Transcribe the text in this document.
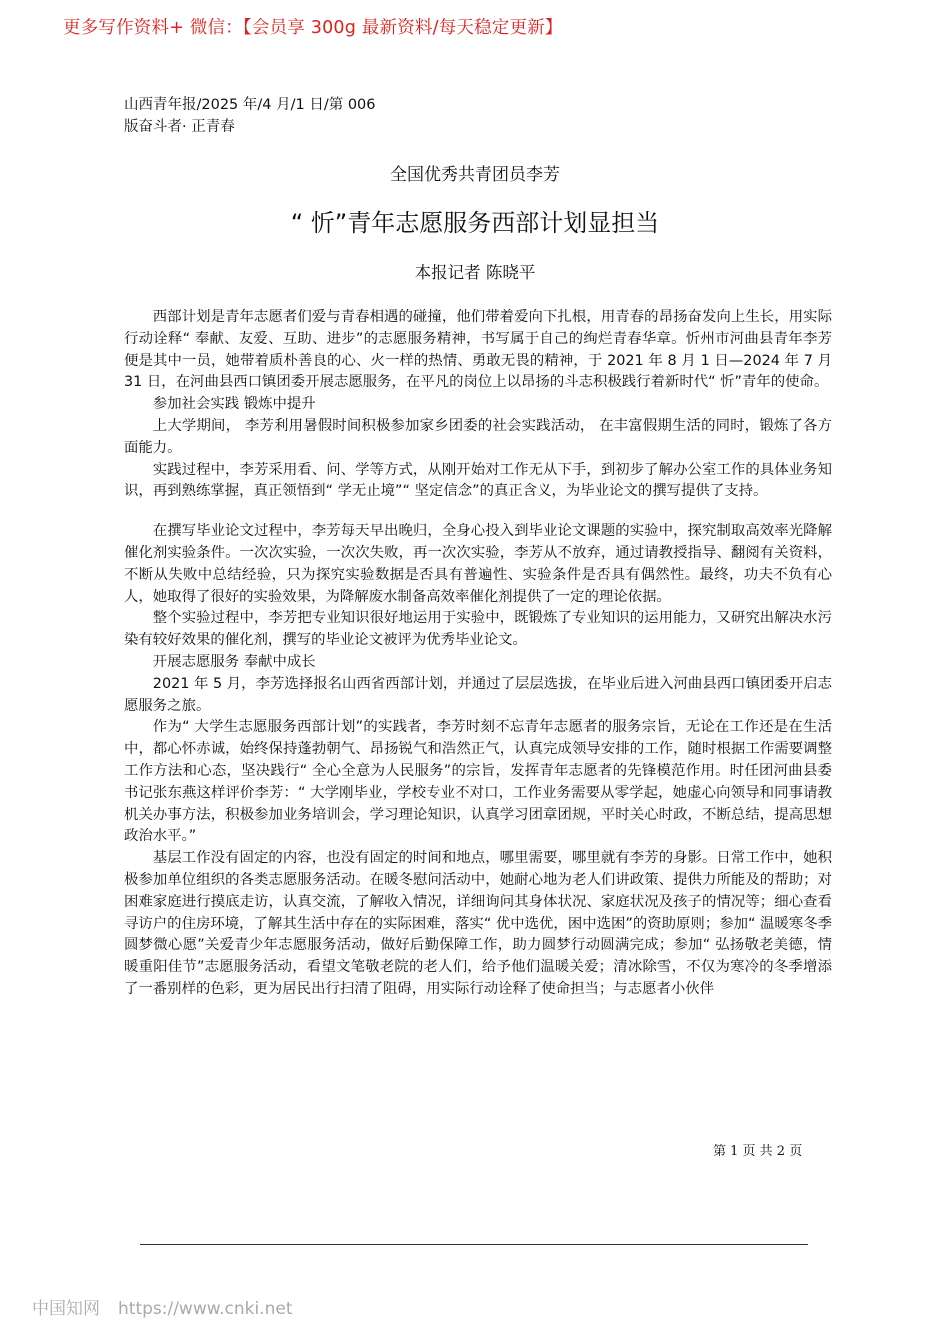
更多写作资料+ 微信：【会员享 300g 最新资料/每天稳定更新】
山西青年报/2025 年/4 月/1 日/第 006
版奋斗者· 正青春
全国优秀共青团员李芳
“ 忻”青年志愿服务西部计划显担当
本报记者 陈晓平

西部计划是青年志愿者们爱与青春相遇的碰撞，他们带着爱向下扎根，用青春的昂扬奋发向上生长，用实际行动诠释“ 奉献、友爱、互助、进步”的志愿服务精神，书写属于自己的绚烂青春华章。忻州市河曲县青年李芳便是其中一员，她带着质朴善良的心、火一样的热情、勇敢无畏的精神，于 2021 年 8 月 1 日—2024 年 7 月 31 日，在河曲县西口镇团委开展志愿服务，在平凡的岗位上以昂扬的斗志积极践行着新时代“ 忻”青年的使命。

参加社会实践 锻炼中提升

上大学期间， 李芳利用暑假时间积极参加家乡团委的社会实践活动， 在丰富假期生活的同时，锻炼了各方面能力。

实践过程中，李芳采用看、问、学等方式，从刚开始对工作无从下手，到初步了解办公室工作的具体业务知识，再到熟练掌握，真正领悟到“ 学无止境”“ 坚定信念”的真正含义，为毕业论文的撰写提供了支持。

在撰写毕业论文过程中，李芳每天早出晚归，全身心投入到毕业论文课题的实验中，探究制取高效率光降解催化剂实验条件。一次次实验，一次次失败，再一次次实验，李芳从不放弃，通过请教授指导、翻阅有关资料，不断从失败中总结经验，只为探究实验数据是否具有普遍性、实验条件是否具有偶然性。最终，功夫不负有心人，她取得了很好的实验效果，为降解废水制备高效率催化剂提供了一定的理论依据。

整个实验过程中，李芳把专业知识很好地运用于实验中，既锻炼了专业知识的运用能力，又研究出解决水污染有较好效果的催化剂，撰写的毕业论文被评为优秀毕业论文。

开展志愿服务 奉献中成长

2021 年 5 月，李芳选择报名山西省西部计划，并通过了层层选拔，在毕业后进入河曲县西口镇团委开启志愿服务之旅。

作为“ 大学生志愿服务西部计划”的实践者，李芳时刻不忘青年志愿者的服务宗旨，无论在工作还是在生活中，都心怀赤诚，始终保持蓬勃朝气、昂扬锐气和浩然正气，认真完成领导安排的工作，随时根据工作需要调整工作方法和心态，坚决践行“ 全心全意为人民服务”的宗旨，发挥青年志愿者的先锋模范作用。时任团河曲县委书记张东燕这样评价李芳：“ 大学刚毕业，学校专业不对口，工作业务需要从零学起，她虚心向领导和同事请教机关办事方法，积极参加业务培训会，学习理论知识，认真学习团章团规，平时关心时政，不断总结，提高思想政治水平。”

基层工作没有固定的内容，也没有固定的时间和地点，哪里需要，哪里就有李芳的身影。日常工作中，她积极参加单位组织的各类志愿服务活动。在暖冬慰问活动中，她耐心地为老人们讲政策、提供力所能及的帮助；对困难家庭进行摸底走访，认真交流，了解收入情况，详细询问其身体状况、家庭状况及孩子的情况等；细心查看寻访户的住房环境，了解其生活中存在的实际困难，落实“ 优中选优，困中选困”的资助原则；参加“ 温暖寒冬季圆梦微心愿”关爱青少年志愿服务活动，做好后勤保障工作，助力圆梦行动圆满完成；参加“ 弘扬敬老美德，情暖重阳佳节”志愿服务活动，看望文笔敬老院的老人们，给予他们温暖关爱；清冰除雪，不仅为寒冷的冬季增添了一番别样的色彩，更为居民出行扫清了阻碍，用实际行动诠释了使命担当；与志愿者小伙伴

第 1 页 共 2 页
中国知网 https://www.cnki.net
